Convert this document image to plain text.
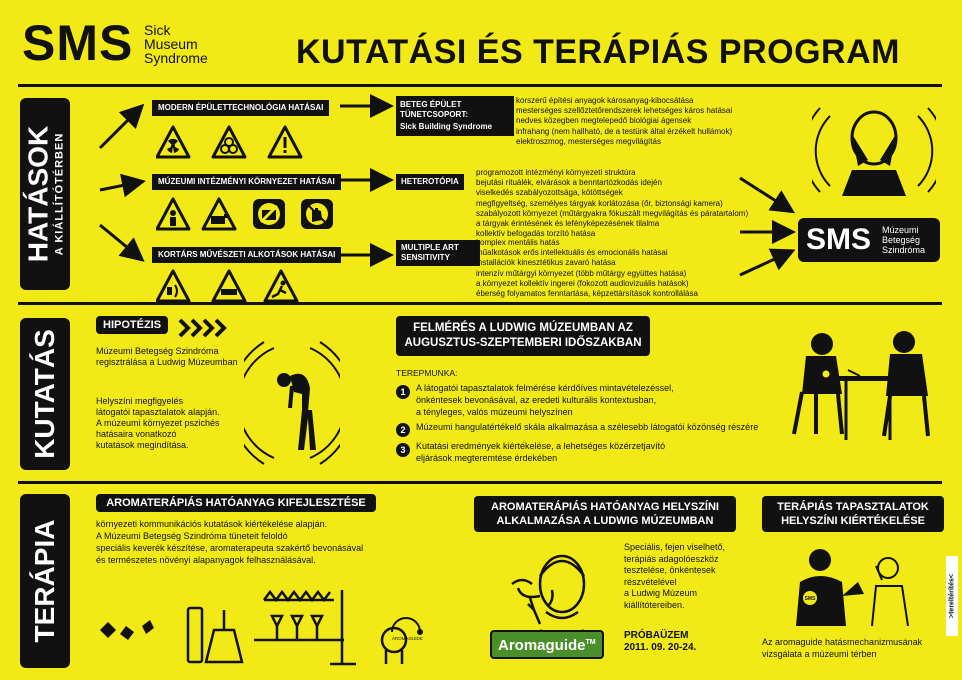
SMS Sick
Museum
Syndrome	KUTATÁSI ÉS TERÁPIÁS PROGRAM
HATÁSOK A KIÁLLÍTÓTÉRBEN
KUTATÁS
TERÁPIA
MODERN ÉPÜLETTECHNOLÓGIA HATÁSAI
MÚZEUMI INTÉZMÉNYI KÖRNYEZET HATÁSAI
KORTÁRS MŰVÉSZETI ALKOTÁSOK HATÁSAI
BETEG ÉPÜLET
TÜNETCSOPORT:
Sick Building Syndrome
HETEROTÓPIA
MULTIPLE ART
SENSITIVITY
korszerű építési anyagok károsanyag-kibocsátása
mesterséges szellőztetőrendszerek lehetséges káros hatásai
nedves közegben megtelepedő biológiai ágensek
infrahang (nem hallható, de a testünk által érzékelt hullámok)
elektroszmog, mesterséges megvilágítás
programozott intézményi környezeti struktúra
bejutási rituálék, elvárások a benntartózkodás idején
viselkedés szabályozottsága, kötöttségek
megfigyeltség, személyes tárgyak korlátozása (őr, biztonsági kamera)
szabályozott környezet (műtárgyakra fókuszált megvilágítás és páratartalom)
a tárgyak érintésének és lefényképezésének tilalma
kollektív befogadás torzító hatása
komplex mentális hatás
műalkotások erős intellektuális és emocionális hatásai
installációk kinesztétikus zavaró hatása
intenzív műtárgyi környezet (több műtárgy együttes hatása)
a környezet kollektív ingerei (fokozott audiovizuális hatások)
éberség folyamatos fenntartása, képzettársítások kontrollálása
SMS Múzeumi
Betegség
Szindróma
HIPOTÉZIS
Múzeumi Betegség Szindróma
regisztrálása a Ludwig Múzeumban
Helyszíni megfigyelés
látogatói tapasztalatok alapján.
A múzeumi környezet pszichés
hatásaira vonatkozó
kutatások megindítása.
FELMÉRÉS A LUDWIG MÚZEUMBAN AZ
AUGUSZTUS-SZEPTEMBERI IDŐSZAKBAN
TEREPMUNKA:
1	A látogatói tapasztalatok felmérése kérdőíves mintavételezéssel,
önkéntesek bevonásával, az eredeti kulturális kontextusban,
a tényleges, valós múzeumi helyszínen
2	Múzeumi hangulatértékelő skála alkalmazása a szélesebb látogatói közönség részére
3	Kutatási eredmények kiértékelése, a lehetséges közérzetjavító
eljárások megteremtése érdekében
AROMATERÁPIÁS HATÓANYAG KIFEJLESZTÉSE
környezeti kommunikációs kutatások kiértékelése alapján.
A Múzeumi Betegség Szindróma tüneteit feloldó
speciális keverék készítése, aromaterapeuta szakértő bevonásával
és természetes növényi alapanyagok felhasználásával.
AROMAGUIDE
AROMATERÁPIÁS HATÓANYAG HELYSZÍNI
ALKALMAZÁSA A LUDWIG MÚZEUMBAN
Aromaguide™
Speciális, fejen viselhető,
terápiás adagolóeszköz
tesztelése, önkéntesek
részvételével
a Ludwig Múzeum
kiállítótereiben.
PRÓBAÜZEM
2011. 09. 20-24.
TERÁPIÁS TAPASZTALATOK
HELYSZÍNI KIÉRTÉKELÉSE
SMS
Az aromaguide hatásmechanizmusának
vizsgálata a múzeumi térben
>tereltérítés<
